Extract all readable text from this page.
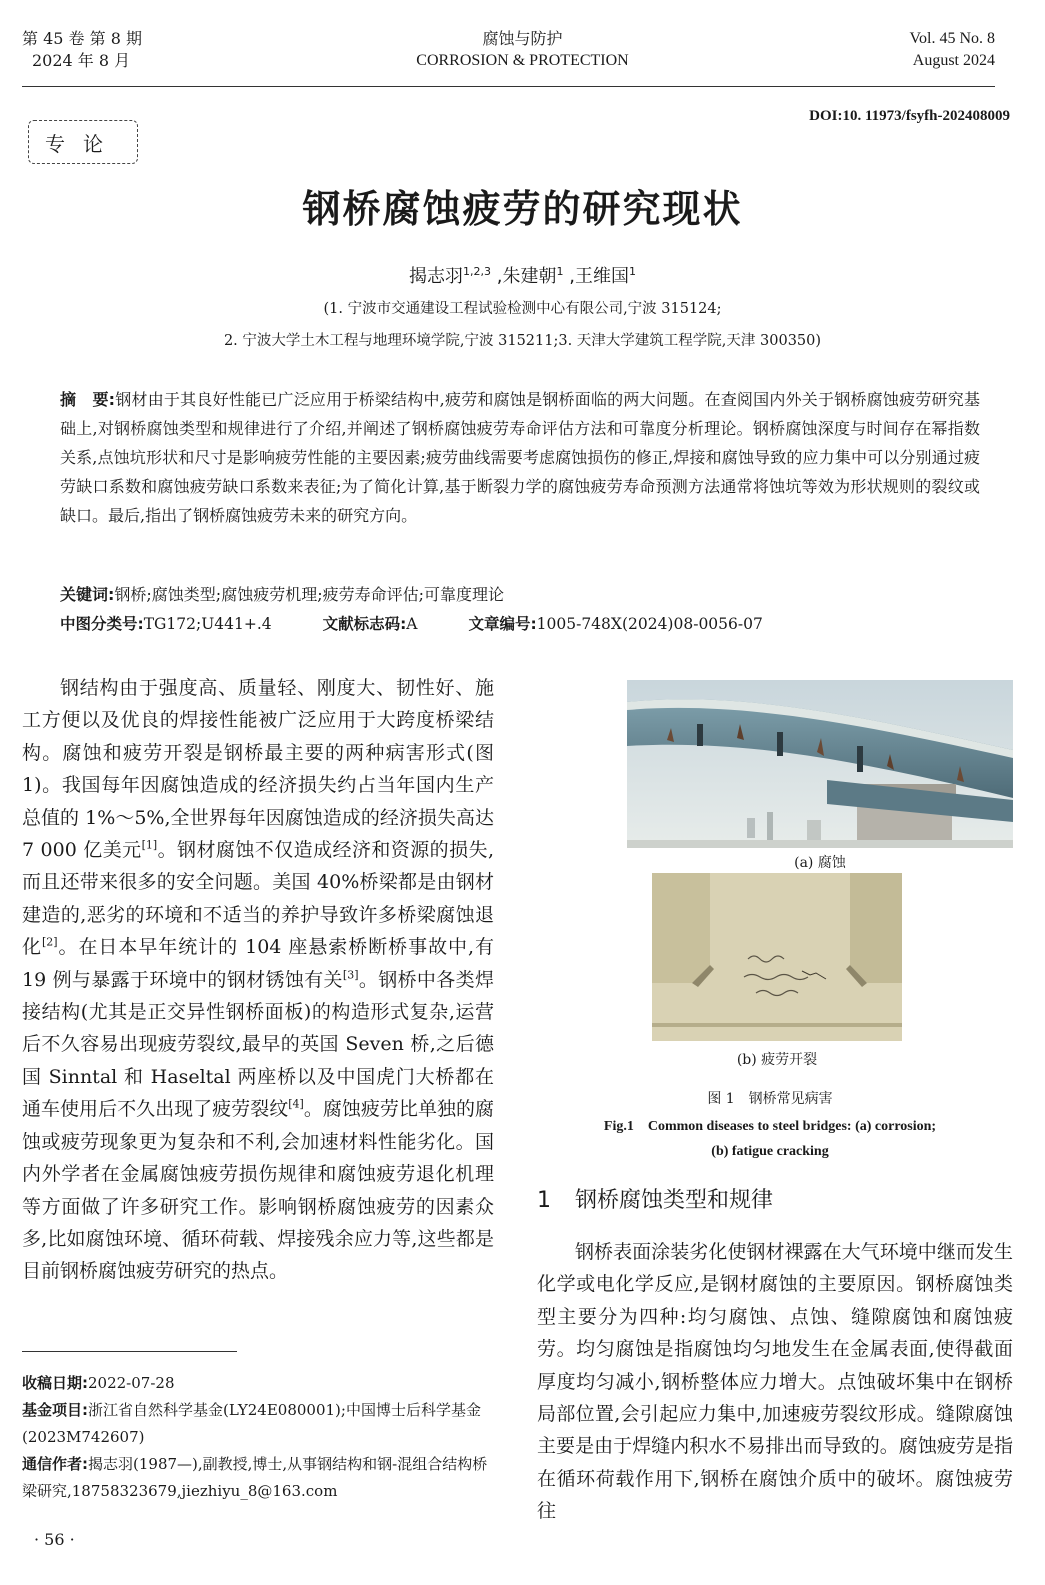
第 45 卷 第 8 期
2024 年 8 月
腐蚀与防护
CORROSION & PROTECTION
Vol. 45 No. 8
August 2024
DOI:10. 11973/fsyfh-202408009
专论
钢桥腐蚀疲劳的研究现状
揭志羽$^{1,2,3}$ ,朱建朝$^1$ ,王维国$^1$
(1. 宁波市交通建设工程试验检测中心有限公司,宁波 315124;
2. 宁波大学土木工程与地理环境学院,宁波 315211;3. 天津大学建筑工程学院,天津 300350)
摘　要:钢材由于其良好性能已广泛应用于桥梁结构中,疲劳和腐蚀是钢桥面临的两大问题。在查阅国内外关于钢桥腐蚀疲劳研究基础上,对钢桥腐蚀类型和规律进行了介绍,并阐述了钢桥腐蚀疲劳寿命评估方法和可靠度分析理论。钢桥腐蚀深度与时间存在幂指数关系,点蚀坑形状和尺寸是影响疲劳性能的主要因素;疲劳曲线需要考虑腐蚀损伤的修正,焊接和腐蚀导致的应力集中可以分别通过疲劳缺口系数和腐蚀疲劳缺口系数来表征;为了简化计算,基于断裂力学的腐蚀疲劳寿命预测方法通常将蚀坑等效为形状规则的裂纹或缺口。最后,指出了钢桥腐蚀疲劳未来的研究方向。
关键词:钢桥;腐蚀类型;腐蚀疲劳机理;疲劳寿命评估;可靠度理论
中图分类号:TG172;U441+.4	文献标志码:A	文章编号:1005-748X(2024)08-0056-07

钢结构由于强度高、质量轻、刚度大、韧性好、施工方便以及优良的焊接性能被广泛应用于大跨度桥梁结构。腐蚀和疲劳开裂是钢桥最主要的两种病害形式(图 1)。我国每年因腐蚀造成的经济损失约占当年国内生产总值的 1%～5%,全世界每年因腐蚀造成的经济损失高达 7 000 亿美元[1]。钢材腐蚀不仅造成经济和资源的损失,而且还带来很多的安全问题。美国 40%桥梁都是由钢材建造的,恶劣的环境和不适当的养护导致许多桥梁腐蚀退化[2]。在日本早年统计的 104 座悬索桥断桥事故中,有 19 例与暴露于环境中的钢材锈蚀有关[3]。钢桥中各类焊接结构(尤其是正交异性钢桥面板)的构造形式复杂,运营后不久容易出现疲劳裂纹,最早的英国 Seven 桥,之后德国 Sinntal 和 Haseltal 两座桥以及中国虎门大桥都在通车使用后不久出现了疲劳裂纹[4]。腐蚀疲劳比单独的腐蚀或疲劳现象更为复杂和不利,会加速材料性能劣化。国内外学者在金属腐蚀疲劳损伤规律和腐蚀疲劳退化机理等方面做了许多研究工作。影响钢桥腐蚀疲劳的因素众多,比如腐蚀环境、循环荷载、焊接残余应力等,这些都是目前钢桥腐蚀疲劳研究的热点。

收稿日期:2022-07-28
基金项目:浙江省自然科学基金(LY24E080001);中国博士后科学基金(2023M742607)
通信作者:揭志羽(1987—),副教授,博士,从事钢结构和钢-混组合结构桥梁研究,18758323679,jiezhiyu_8@163.com
· 56 ·
(a) 腐蚀
(b) 疲劳开裂
图 1　钢桥常见病害
Fig.1　Common diseases to steel bridges: (a) corrosion;
(b) fatigue cracking
1 钢桥腐蚀类型和规律

钢桥表面涂装劣化使钢材裸露在大气环境中继而发生化学或电化学反应,是钢材腐蚀的主要原因。钢桥腐蚀类型主要分为四种:均匀腐蚀、点蚀、缝隙腐蚀和腐蚀疲劳。均匀腐蚀是指腐蚀均匀地发生在金属表面,使得截面厚度均匀减小,钢桥整体应力增大。点蚀破坏集中在钢桥局部位置,会引起应力集中,加速疲劳裂纹形成。缝隙腐蚀主要是由于焊缝内积水不易排出而导致的。腐蚀疲劳是指在循环荷载作用下,钢桥在腐蚀介质中的破坏。腐蚀疲劳往
